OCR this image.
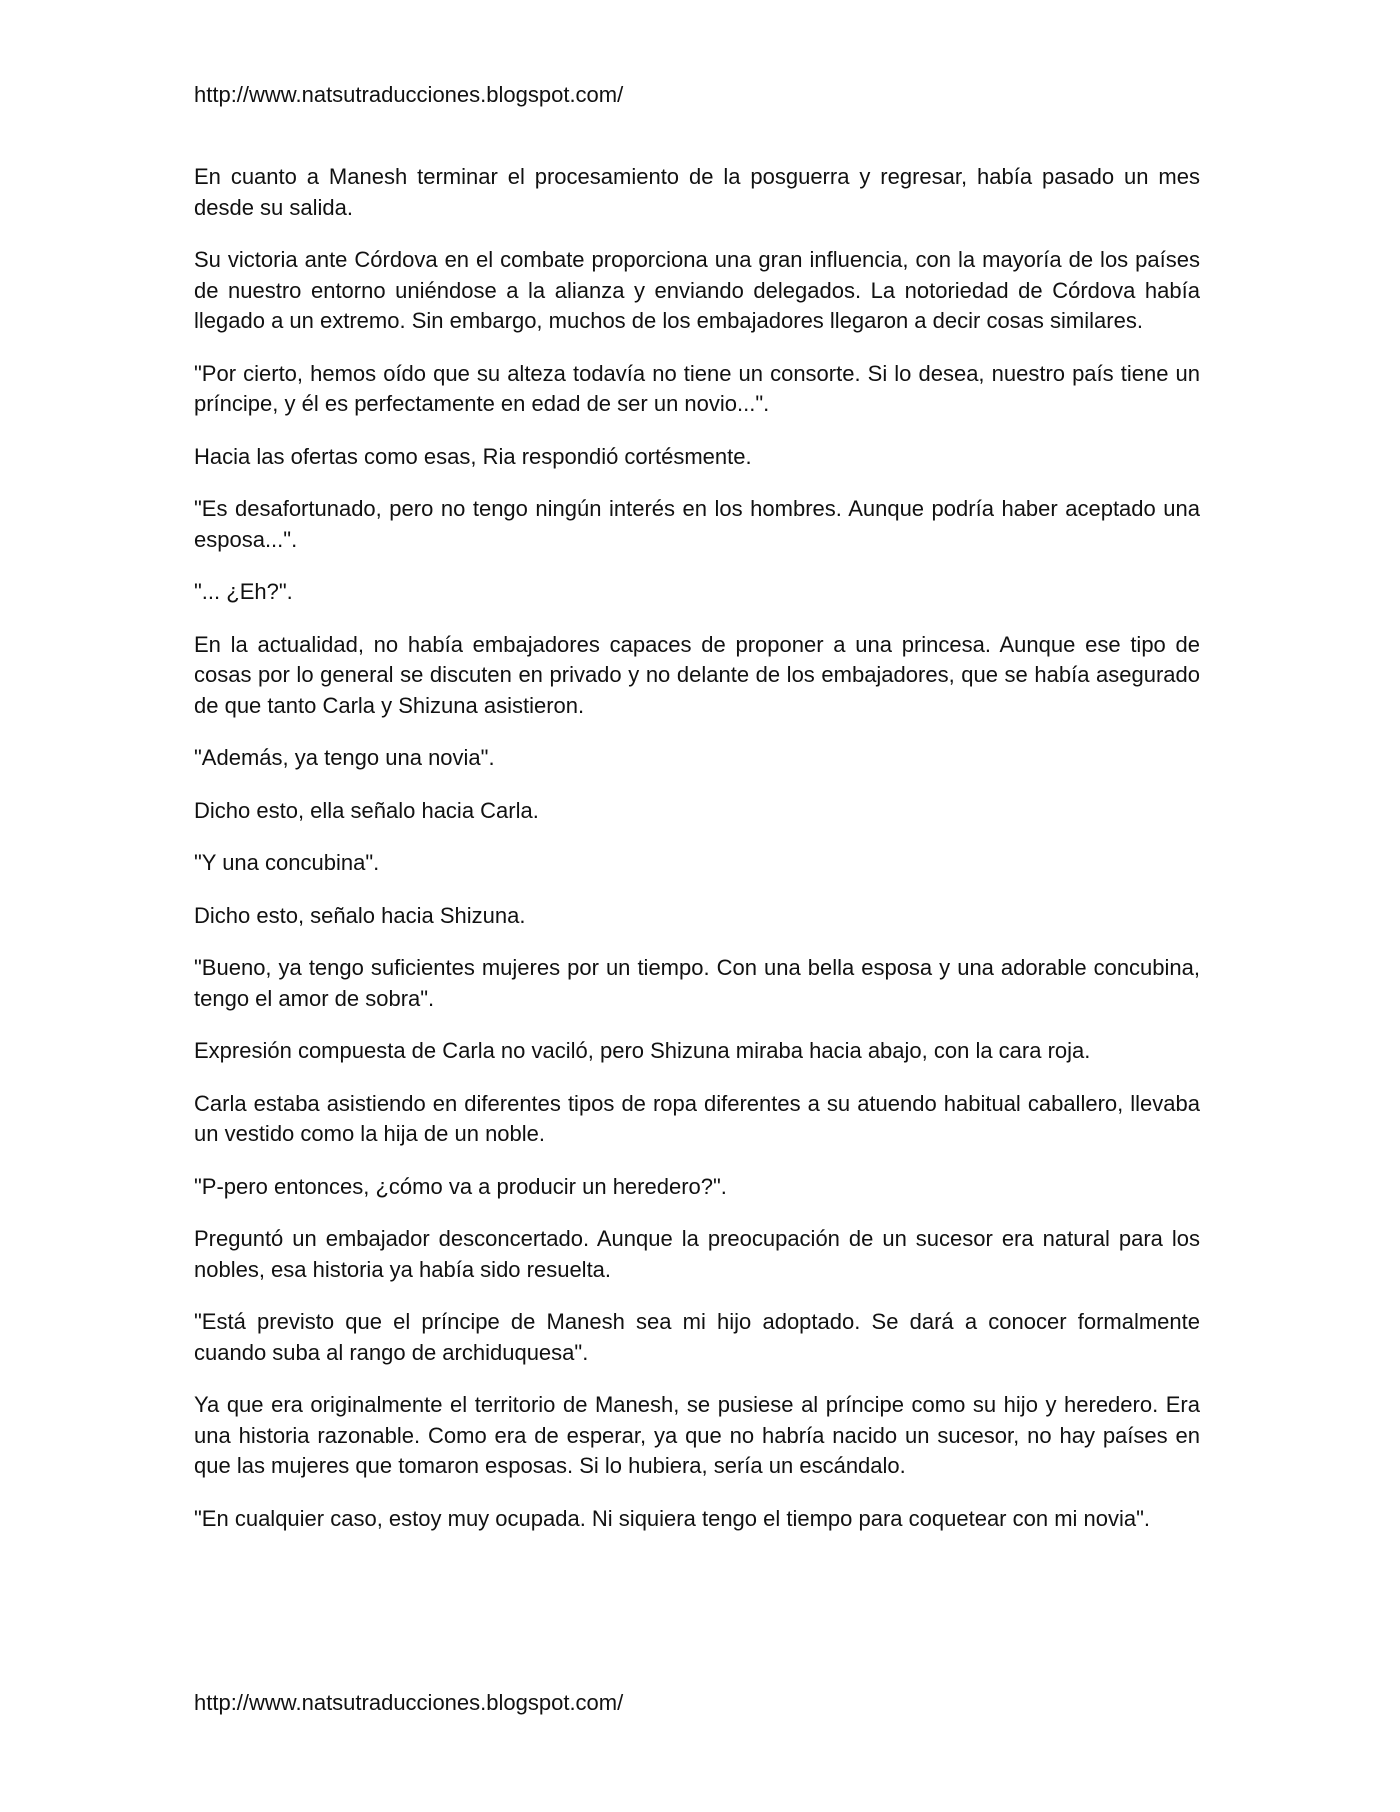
http://www.natsutraducciones.blogspot.com/

En cuanto a Manesh terminar el procesamiento de la posguerra y regresar, había pasado un mes desde su salida.

Su victoria ante Córdova en el combate proporciona una gran influencia, con la mayoría de los países de nuestro entorno uniéndose a la alianza y enviando delegados. La notoriedad de Córdova había llegado a un extremo. Sin embargo, muchos de los embajadores llegaron a decir cosas similares.

"Por cierto, hemos oído que su alteza todavía no tiene un consorte. Si lo desea, nuestro país tiene un príncipe, y él es perfectamente en edad de ser un novio...".

Hacia las ofertas como esas, Ria respondió cortésmente.

"Es desafortunado, pero no tengo ningún interés en los hombres. Aunque podría haber aceptado una esposa...".

"... ¿Eh?".

En la actualidad, no había embajadores capaces de proponer a una princesa. Aunque ese tipo de cosas por lo general se discuten en privado y no delante de los embajadores, que se había asegurado de que tanto Carla y Shizuna asistieron.

"Además, ya tengo una novia".

Dicho esto, ella señalo hacia Carla.

"Y una concubina".

Dicho esto, señalo hacia Shizuna.

"Bueno, ya tengo suficientes mujeres por un tiempo. Con una bella esposa y una adorable concubina, tengo el amor de sobra".

Expresión compuesta de Carla no vaciló, pero Shizuna miraba hacia abajo, con la cara roja.

Carla estaba asistiendo en diferentes tipos de ropa diferentes a su atuendo habitual caballero, llevaba un vestido como la hija de un noble.

"P-pero entonces, ¿cómo va a producir un heredero?".

Preguntó un embajador desconcertado. Aunque la preocupación de un sucesor era natural para los nobles, esa historia ya había sido resuelta.

"Está previsto que el príncipe de Manesh sea mi hijo adoptado. Se dará a conocer formalmente cuando suba al rango de archiduquesa".

Ya que era originalmente el territorio de Manesh, se pusiese al príncipe como su hijo y heredero. Era una historia razonable. Como era de esperar, ya que no habría nacido un sucesor, no hay países en que las mujeres que tomaron esposas. Si lo hubiera, sería un escándalo.

"En cualquier caso, estoy muy ocupada. Ni siquiera tengo el tiempo para coquetear con mi novia".

http://www.natsutraducciones.blogspot.com/
